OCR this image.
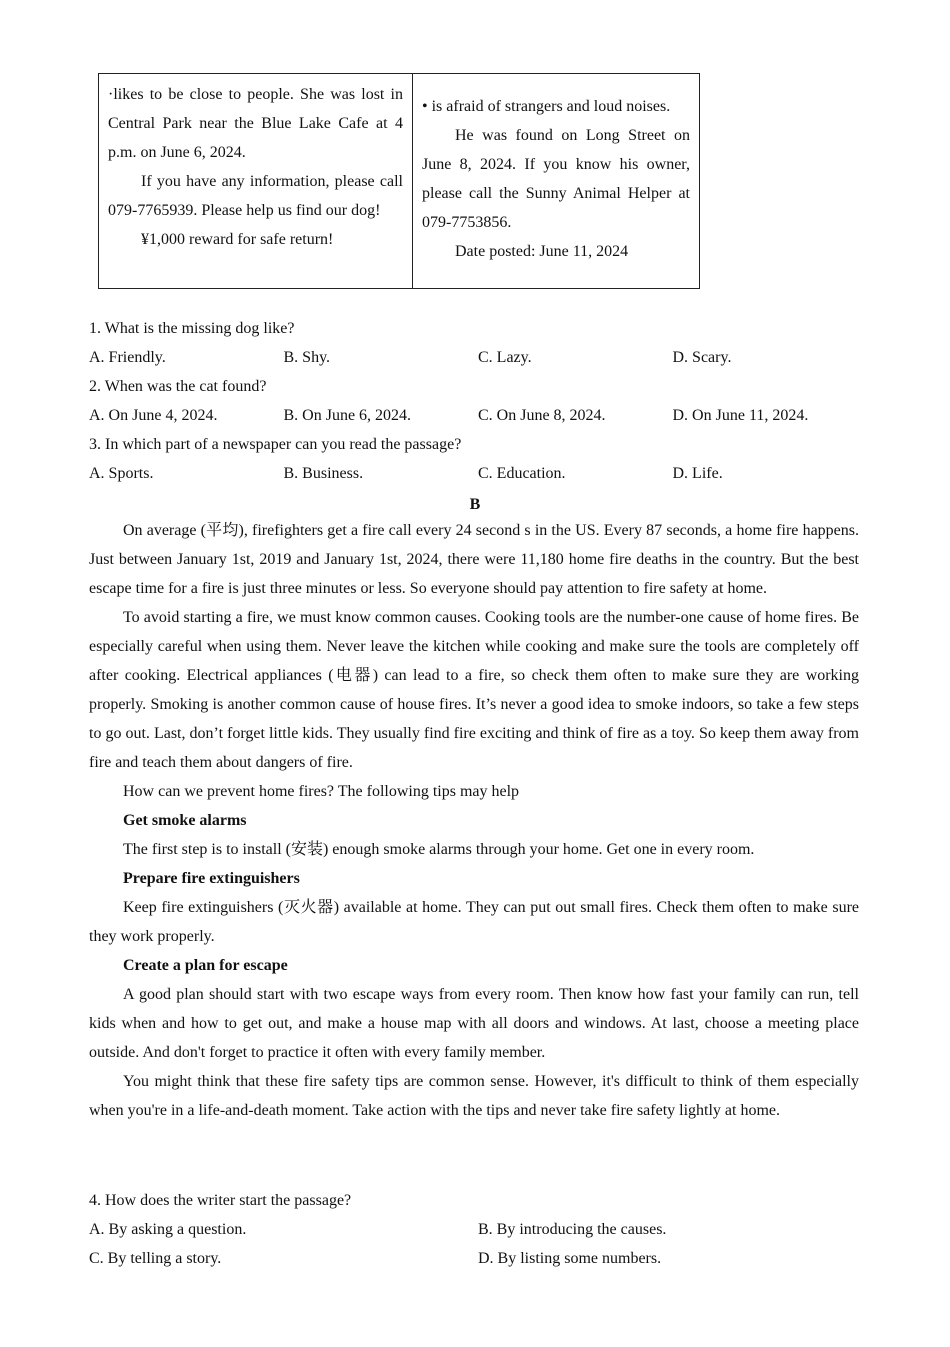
·likes to be close to people. She was lost in Central Park near the Blue Lake Cafe at 4 p.m. on June 6, 2024.

If you have any information, please call 079-7765939. Please help us find our dog!

¥1,000 reward for safe return!

• is afraid of strangers and loud noises.

He was found on Long Street on June 8, 2024. If you know his owner, please call the Sunny Animal Helper at 079-7753856.

Date posted: June 11, 2024

1. What is the missing dog like?
A. Friendly.	B. Shy.	C. Lazy.	D. Scary.
2. When was the cat found?
A. On June 4, 2024.	B. On June 6, 2024.	C. On June 8, 2024.	D. On June 11, 2024.
3. In which part of a newspaper can you read the passage?
A. Sports.	B. Business.	C. Education.	D. Life.
B

On average (平均), firefighters get a fire call every 24 second s in the US. Every 87 seconds, a home fire happens. Just between January 1st, 2019 and January 1st, 2024, there were 11,180 home fire deaths in the country. But the best escape time for a fire is just three minutes or less. So everyone should pay attention to fire safety at home.

To avoid starting a fire, we must know common causes. Cooking tools are the number-one cause of home fires. Be especially careful when using them. Never leave the kitchen while cooking and make sure the tools are completely off after cooking. Electrical appliances (电器) can lead to a fire, so check them often to make sure they are working properly. Smoking is another common cause of house fires. It’s never a good idea to smoke indoors, so take a few steps to go out. Last, don’t forget little kids. They usually find fire exciting and think of fire as a toy. So keep them away from fire and teach them about dangers of fire.

How can we prevent home fires? The following tips may help

Get smoke alarms

The first step is to install (安装) enough smoke alarms through your home. Get one in every room.

Prepare fire extinguishers

Keep fire extinguishers (灭火器) available at home. They can put out small fires. Check them often to make sure they work properly.

Create a plan for escape

A good plan should start with two escape ways from every room. Then know how fast your family can run, tell kids when and how to get out, and make a house map with all doors and windows. At last, choose a meeting place outside. And don't forget to practice it often with every family member.

You might think that these fire safety tips are common sense. However, it's difficult to think of them especially when you're in a life-and-death moment. Take action with the tips and never take fire safety lightly at home.

4. How does the writer start the passage?
A. By asking a question.	B. By introducing the causes.
C. By telling a story.	D. By listing some numbers.
